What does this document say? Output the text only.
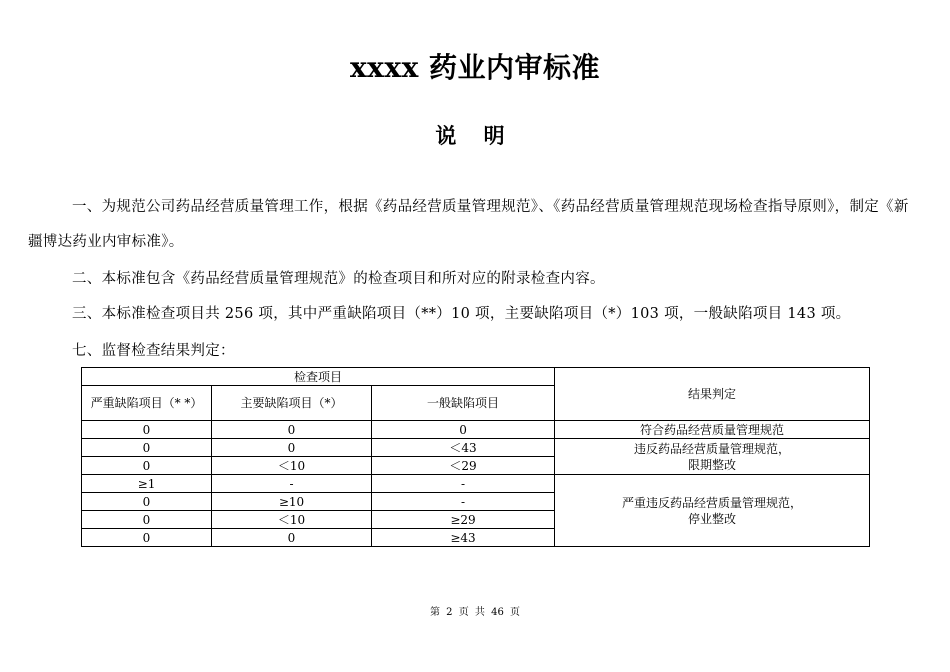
xxxx 药业内审标准
说 明
一、为规范公司药品经营质量管理工作，根据《药品经营质量管理规范》、《药品经营质量管理规范现场检查指导原则》，制定《新疆博达药业内审标准》。
二、本标准包含《药品经营质量管理规范》的检查项目和所对应的附录检查内容。
三、本标准检查项目共 256 项，其中严重缺陷项目（**）10 项，主要缺陷项目（*）103 项，一般缺陷项目 143 项。
七、监督检查结果判定：
检查项目			结果判定
严重缺陷项目（* *）	主要缺陷项目（*）	一般缺陷项目	
0	0	0	符合药品经营质量管理规范
0	0	＜43	违反药品经营质量管理规范，
限期整改

0	＜10	＜29	
≥1	-	-	严重违反药品经营质量管理规范，
停业整改

0	≥10	-	
0	＜10	≥29	
0	0	≥43	
第 2 页 共 46 页
